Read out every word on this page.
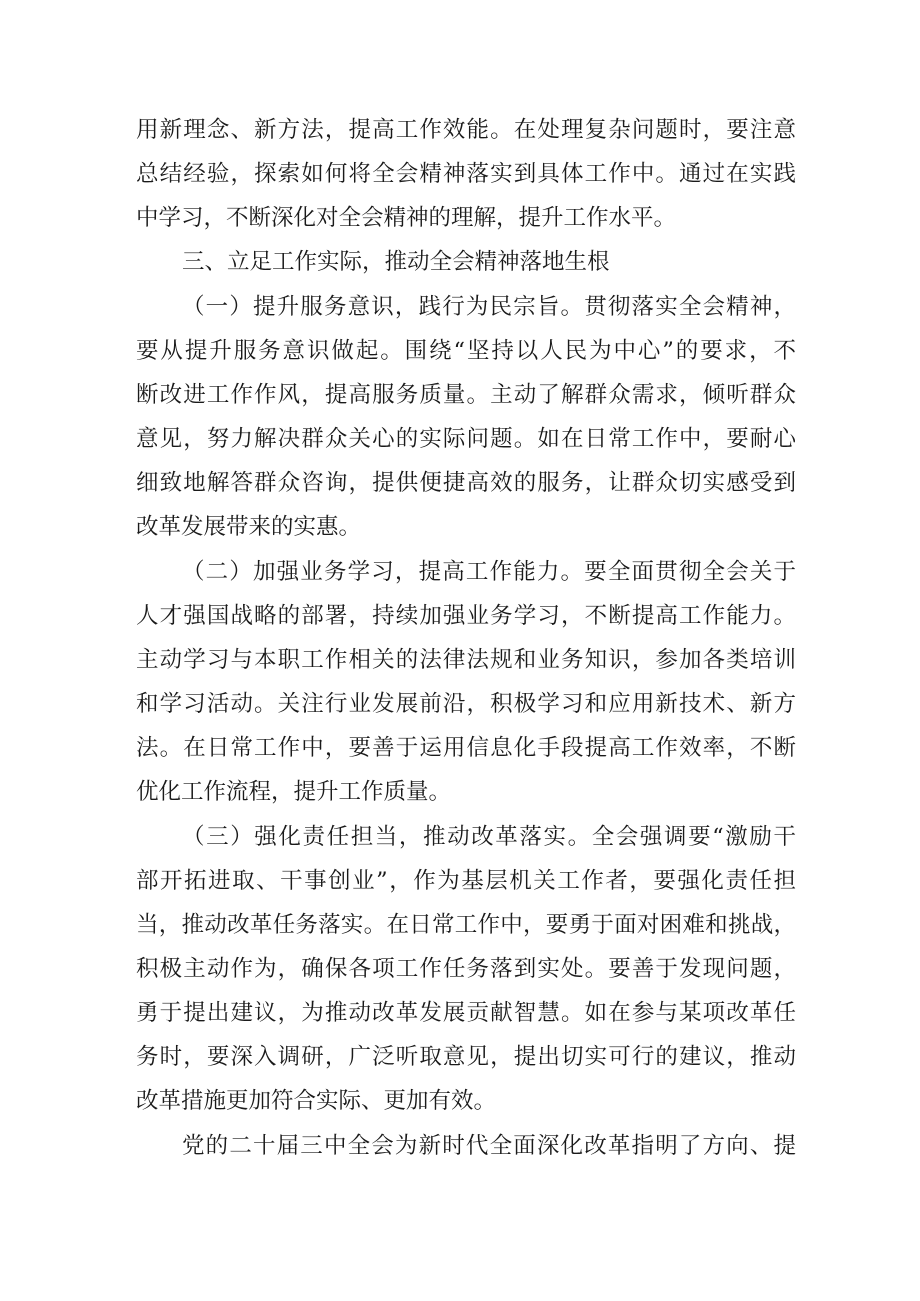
用新理念、新方法，提高工作效能。在处理复杂问题时，要注意
总结经验，探索如何将全会精神落实到具体工作中。通过在实践
中学习，不断深化对全会精神的理解，提升工作水平。
三、立足工作实际，推动全会精神落地生根
（一）提升服务意识，践行为民宗旨。贯彻落实全会精神，
要从提升服务意识做起。围绕“坚持以人民为中心”的要求，不
断改进工作作风，提高服务质量。主动了解群众需求，倾听群众
意见，努力解决群众关心的实际问题。如在日常工作中，要耐心
细致地解答群众咨询，提供便捷高效的服务，让群众切实感受到
改革发展带来的实惠。
（二）加强业务学习，提高工作能力。要全面贯彻全会关于
人才强国战略的部署，持续加强业务学习，不断提高工作能力。
主动学习与本职工作相关的法律法规和业务知识，参加各类培训
和学习活动。关注行业发展前沿，积极学习和应用新技术、新方
法。在日常工作中，要善于运用信息化手段提高工作效率，不断
优化工作流程，提升工作质量。
（三）强化责任担当，推动改革落实。全会强调要“激励干
部开拓进取、干事创业”，作为基层机关工作者，要强化责任担
当，推动改革任务落实。在日常工作中，要勇于面对困难和挑战，
积极主动作为，确保各项工作任务落到实处。要善于发现问题，
勇于提出建议，为推动改革发展贡献智慧。如在参与某项改革任
务时，要深入调研，广泛听取意见，提出切实可行的建议，推动
改革措施更加符合实际、更加有效。
党的二十届三中全会为新时代全面深化改革指明了方向、提
